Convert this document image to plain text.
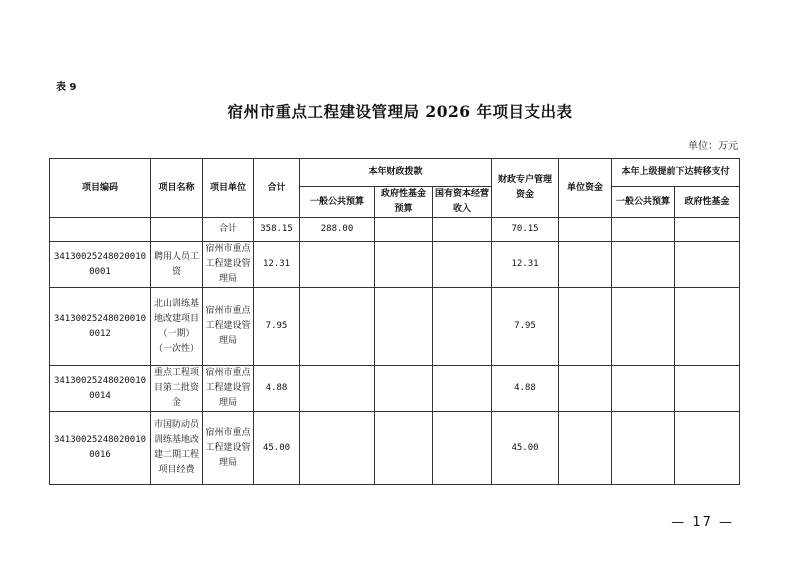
表 9
宿州市重点工程建设管理局 2026 年项目支出表
单位：万元
项目编码	项目名称	项目单位	合计	本年财政拨款			财政专户管理资金	单位资金	本年上级提前下达转移支付	
				一般公共预算	政府性基金预算	国有资本经营收入			一般公共预算	政府性基金
		合计	358.15	288.00			70.15			
341300252480200100001	聘用人员工资	宿州市重点工程建设管理局	12.31				12.31			
341300252480200100012	北山训练基地改建项目（一期）（一次性）	宿州市重点工程建设管理局	7.95				7.95			
341300252480200100014	重点工程项目第二批资金	宿州市重点工程建设管理局	4.88				4.88			
341300252480200100016	市国防动员训练基地改建二期工程项目经费	宿州市重点工程建设管理局	45.00				45.00			
— 17 —
